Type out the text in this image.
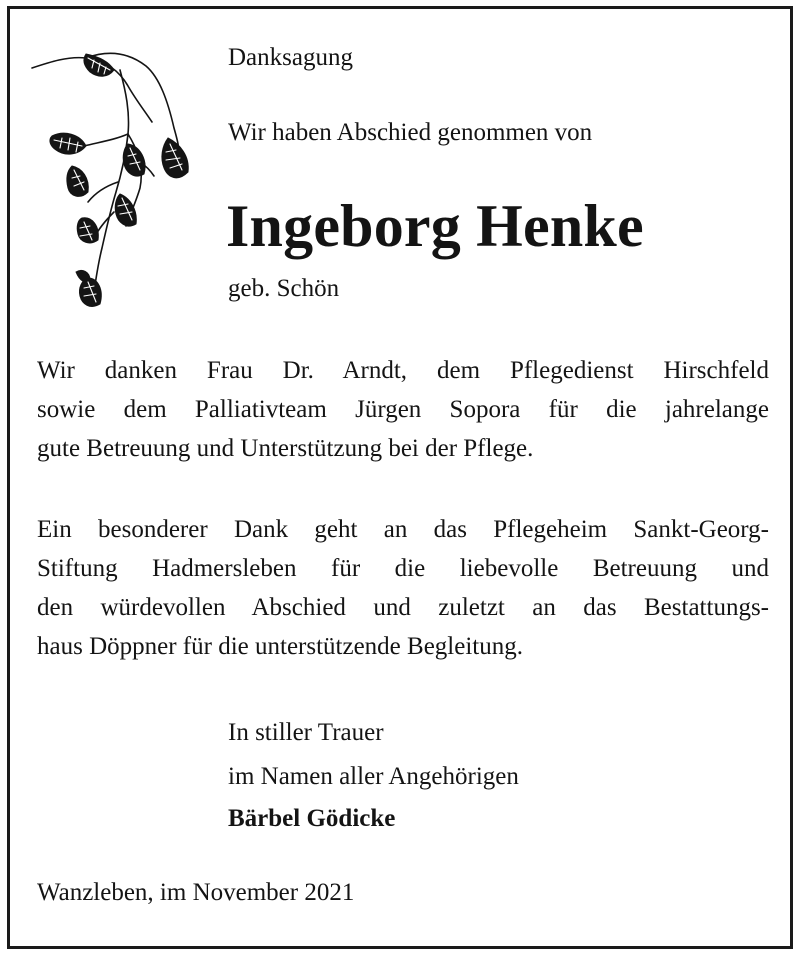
Danksagung
Wir haben Abschied genommen von
Ingeborg Henke
geb. Schön
Wir danken Frau Dr. Arndt, dem Pflegedienst Hirschfeld
sowie dem Palliativteam Jürgen Sopora für die jahrelange
gute Betreuung und Unterstützung bei der Pflege.
Ein besonderer Dank geht an das Pflegeheim Sankt-Georg-
Stiftung Hadmersleben für die liebevolle Betreuung und
den würdevollen Abschied und zuletzt an das Bestattungs-
haus Döppner für die unterstützende Begleitung.
In stiller Trauer
im Namen aller Angehörigen
Bärbel Gödicke
Wanzleben, im November 2021
